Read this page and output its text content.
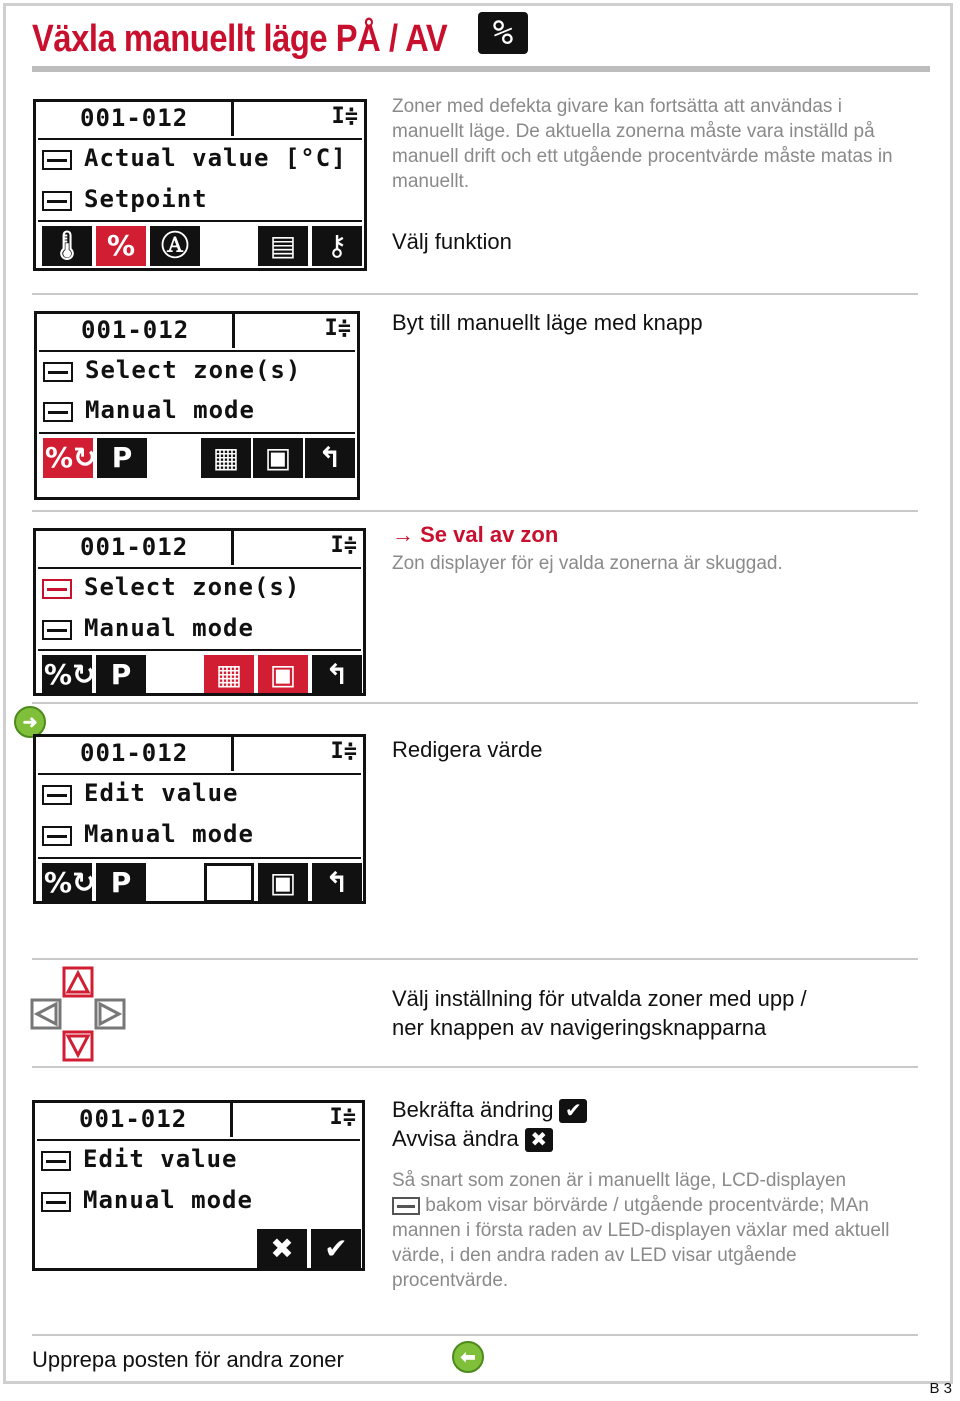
Växla manuellt läge PÅ / AV	%
001-012	I≑
Actual value [°C]
Setpoint
🌡 % Ⓐ	▤	⚷
Zoner med defekta givare kan fortsätta att användas i manuellt läge. De aktuella zonerna måste vara inställd på manuell drift och ett utgående procentvärde måste matas in manuellt.
Välj funktion
001-012	I≑
Select zone(s)
Manual mode
%↻ P	▦ ▣ ↰
Byt till manuellt läge med knapp
001-012	I≑
Select zone(s)
Manual mode
%↻ P	▦ ▣	↰
→ Se val av zon
Zon displayer för ej valda zonerna är skuggad.
➜
001-012	I≑
Edit value
Manual mode
%↻ P	▣	↰
Redigera värde
Välj inställning för utvalda zoner med upp /
ner knappen av navigeringsknapparna
001-012	I≑
Edit value
Manual mode
✖	✔
Bekräfta ändring ✔
Avvisa ändra ✖
Så snart som zonen är i manuellt läge, LCD-displayen
bakom visar börvärde / utgående procentvärde; MAn mannen i första raden av LED-displayen växlar med aktuell värde, i den andra raden av LED visar utgående procentvärde.
Upprepa posten för andra zoner	⬅
B 3
